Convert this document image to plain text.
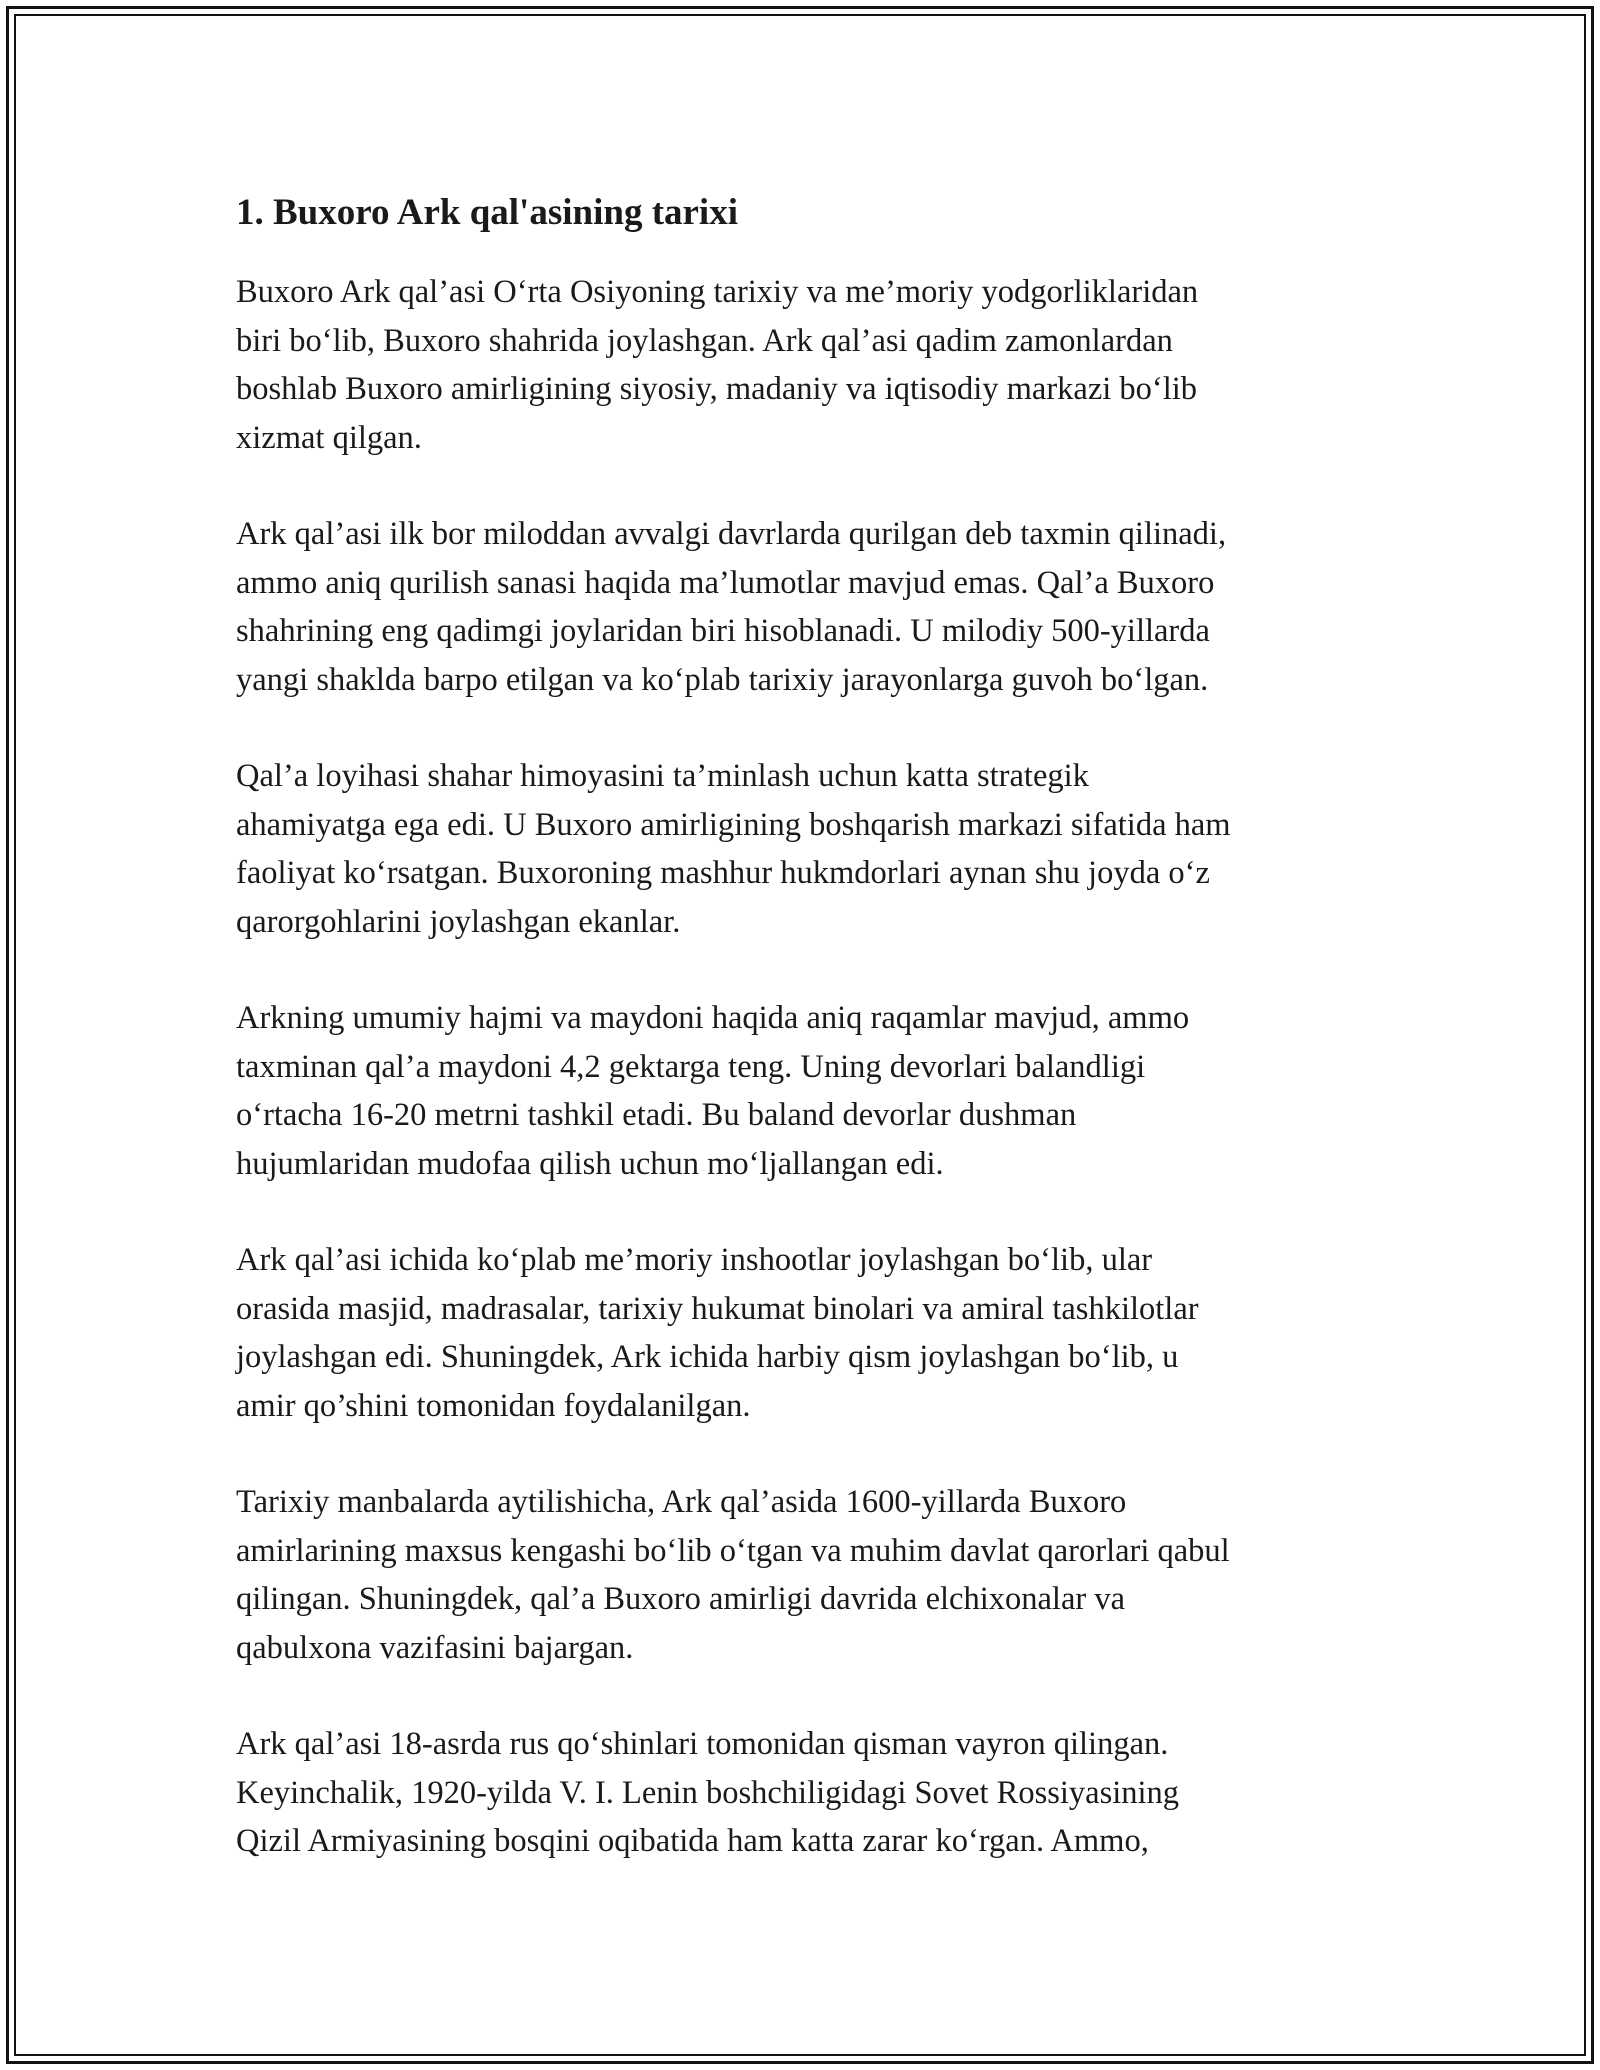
1. Buxoro Ark qal'asining tarixi

Buxoro Ark qal’asi O‘rta Osiyoning tarixiy va me’moriy yodgorliklaridan
biri bo‘lib, Buxoro shahrida joylashgan. Ark qal’asi qadim zamonlardan
boshlab Buxoro amirligining siyosiy, madaniy va iqtisodiy markazi bo‘lib
xizmat qilgan.

Ark qal’asi ilk bor miloddan avvalgi davrlarda qurilgan deb taxmin qilinadi,
ammo aniq qurilish sanasi haqida ma’lumotlar mavjud emas. Qal’a Buxoro
shahrining eng qadimgi joylaridan biri hisoblanadi. U milodiy 500-yillarda
yangi shaklda barpo etilgan va ko‘plab tarixiy jarayonlarga guvoh bo‘lgan.

Qal’a loyihasi shahar himoyasini ta’minlash uchun katta strategik
ahamiyatga ega edi. U Buxoro amirligining boshqarish markazi sifatida ham
faoliyat ko‘rsatgan. Buxoroning mashhur hukmdorlari aynan shu joyda o‘z
qarorgohlarini joylashgan ekanlar.

Arkning umumiy hajmi va maydoni haqida aniq raqamlar mavjud, ammo
taxminan qal’a maydoni 4,2 gektarga teng. Uning devorlari balandligi
o‘rtacha 16-20 metrni tashkil etadi. Bu baland devorlar dushman
hujumlaridan mudofaa qilish uchun mo‘ljallangan edi.

Ark qal’asi ichida ko‘plab me’moriy inshootlar joylashgan bo‘lib, ular
orasida masjid, madrasalar, tarixiy hukumat binolari va amiral tashkilotlar
joylashgan edi. Shuningdek, Ark ichida harbiy qism joylashgan bo‘lib, u
amir qo’shini tomonidan foydalanilgan.

Tarixiy manbalarda aytilishicha, Ark qal’asida 1600-yillarda Buxoro
amirlarining maxsus kengashi bo‘lib o‘tgan va muhim davlat qarorlari qabul
qilingan. Shuningdek, qal’a Buxoro amirligi davrida elchixonalar va
qabulxona vazifasini bajargan.

Ark qal’asi 18-asrda rus qo‘shinlari tomonidan qisman vayron qilingan.
Keyinchalik, 1920-yilda V. I. Lenin boshchiligidagi Sovet Rossiyasining
Qizil Armiyasining bosqini oqibatida ham katta zarar ko‘rgan. Ammo,
